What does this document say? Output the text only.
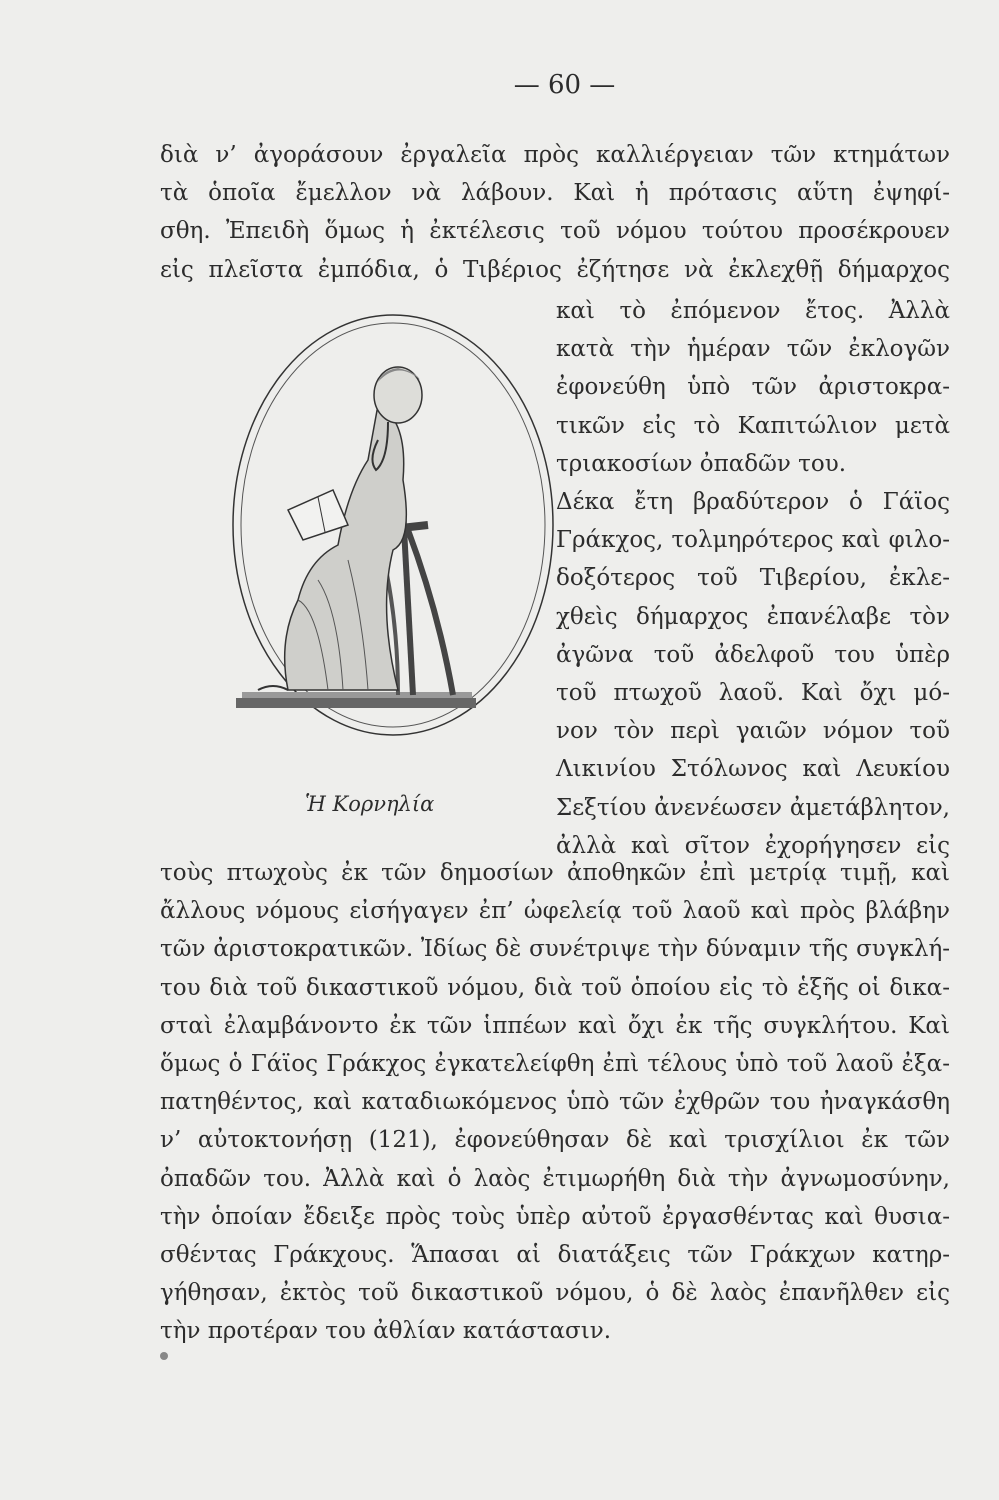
— 60 —
διὰ ν’ ἀγοράσουν ἐργαλεῖα πρὸς καλλιέργειαν τῶν κτημάτων
τὰ ὁποῖα ἔμελλον νὰ λάβουν. Καὶ ἡ πρότασις αὕτη ἐψηφί-
σθη. Ἐπειδὴ ὅμως ἡ ἐκτέλεσις τοῦ νόμου τούτου προσέκρουεν
εἰς πλεῖστα ἐμπόδια, ὁ Τιβέριος ἐζήτησε νὰ ἐκλεχθῇ δήμαρχος
καὶ τὸ ἐπόμενον ἔτος. Ἀλλὰ
κατὰ τὴν ἡμέραν τῶν ἐκλογῶν
ἐφονεύθη ὑπὸ τῶν ἀριστοκρα-
τικῶν εἰς τὸ Καπιτώλιον μετὰ
τριακοσίων ὀπαδῶν του.
Δέκα ἔτη βραδύτερον ὁ Γάϊος
Γράκχος, τολμηρότερος καὶ φιλο-
δοξότερος τοῦ Τιβερίου, ἐκλε-
χθεὶς δήμαρχος ἐπανέλαβε τὸν
ἀγῶνα τοῦ ἀδελφοῦ του ὑπὲρ
τοῦ πτωχοῦ λαοῦ. Καὶ ὄχι μό-
νον τὸν περὶ γαιῶν νόμον τοῦ
Λικινίου Στόλωνος καὶ Λευκίου
Σεξτίου ἀνενέωσεν ἀμετάβλητον,
ἀλλὰ καὶ σῖτον ἐχορήγησεν εἰς
τοὺς πτωχοὺς ἐκ τῶν δημοσίων ἀποθηκῶν ἐπὶ μετρίᾳ τιμῇ, καὶ
ἄλλους νόμους εἰσήγαγεν ἐπ’ ὠφελείᾳ τοῦ λαοῦ καὶ πρὸς βλάβην
τῶν ἀριστοκρατικῶν. Ἰδίως δὲ συνέτριψε τὴν δύναμιν τῆς συγκλή-
του διὰ τοῦ δικαστικοῦ νόμου, διὰ τοῦ ὁποίου εἰς τὸ ἑξῆς οἱ δικα-
σταὶ ἐλαμβάνοντο ἐκ τῶν ἱππέων καὶ ὄχι ἐκ τῆς συγκλήτου. Καὶ
ὅμως ὁ Γάϊος Γράκχος ἐγκατελείφθη ἐπὶ τέλους ὑπὸ τοῦ λαοῦ ἐξα-
πατηθέντος, καὶ καταδιωκόμενος ὑπὸ τῶν ἐχθρῶν του ἠναγκάσθη
ν’ αὐτοκτονήσῃ (121), ἐφονεύθησαν δὲ καὶ τρισχίλιοι ἐκ τῶν
ὀπαδῶν του. Ἀλλὰ καὶ ὁ λαὸς ἐτιμωρήθη διὰ τὴν ἀγνωμοσύνην,
τὴν ὁποίαν ἔδειξε πρὸς τοὺς ὑπὲρ αὐτοῦ ἐργασθέντας καὶ θυσια-
σθέντας Γράκχους. Ἅπασαι αἱ διατάξεις τῶν Γράκχων κατηρ-
γήθησαν, ἐκτὸς τοῦ δικαστικοῦ νόμου, ὁ δὲ λαὸς ἐπανῆλθεν εἰς
τὴν προτέραν του ἀθλίαν κατάστασιν.
Ἡ Κορνηλία
